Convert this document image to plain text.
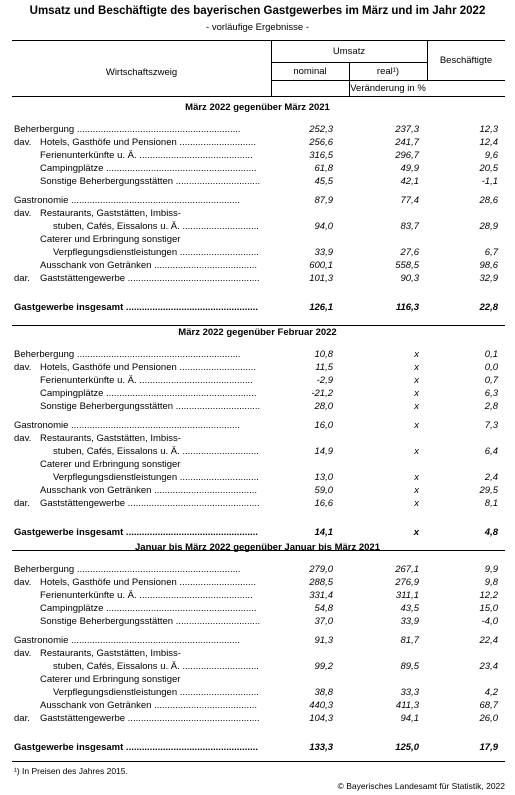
Umsatz und Beschäftigte des bayerischen Gastgewerbes im März und im Jahr 2022
- vorläufige Ergebnisse -
Wirtschaftszweig
Umsatz
nominal	real¹)
Beschäftigte
Veränderung in %
März 2022 gegenüber März 2021
Beherbergung ..............................................................	252,3	237,3	12,3
dav. Hotels, Gasthöfe und Pensionen .............................	256,6	241,7	12,4
Ferienunterkünfte u. Ä. ...........................................	316,5	296,7	9,6
Campingplätze .........................................................	61,8	49,9	20,5
Sonstige Beherbergungsstätten ................................	45,5	42,1	-1,1
Gastronomie ................................................................	87,9	77,4	28,6
dav. Restaurants, Gaststätten, Imbiss-
stuben, Cafés, Eissalons u. Ä. .............................	94,0	83,7	28,9
Caterer und Erbringung sonstiger
Verpflegungsdienstleistungen ..............................	33,9	27,6	6,7
Ausschank von Getränken .......................................	600,1	558,5	98,6
dar. Gaststättengewerbe ..................................................	101,3	90,3	32,9
Gastgewerbe insgesamt ..................................................	126,1	116,3	22,8
März 2022 gegenüber Februar 2022
Beherbergung ..............................................................	10,8	x	0,1
dav. Hotels, Gasthöfe und Pensionen .............................	11,5	x	0,0
Ferienunterkünfte u. Ä. ...........................................	-2,9	x	0,7
Campingplätze .........................................................	-21,2	x	6,3
Sonstige Beherbergungsstätten ................................	28,0	x	2,8
Gastronomie ................................................................	16,0	x	7,3
dav. Restaurants, Gaststätten, Imbiss-
stuben, Cafés, Eissalons u. Ä. .............................	14,9	x	6,4
Caterer und Erbringung sonstiger
Verpflegungsdienstleistungen ..............................	13,0	x	2,4
Ausschank von Getränken .......................................	59,0	x	29,5
dar. Gaststättengewerbe ..................................................	16,6	x	8,1
Gastgewerbe insgesamt ..................................................	14,1	x	4,8
Januar bis März 2022 gegenüber Januar bis März 2021
Beherbergung ..............................................................	279,0	267,1	9,9
dav. Hotels, Gasthöfe und Pensionen .............................	288,5	276,9	9,8
Ferienunterkünfte u. Ä. ...........................................	331,4	311,1	12,2
Campingplätze .........................................................	54,8	43,5	15,0
Sonstige Beherbergungsstätten ................................	37,0	33,9	-4,0
Gastronomie ................................................................	91,3	81,7	22,4
dav. Restaurants, Gaststätten, Imbiss-
stuben, Cafés, Eissalons u. Ä. .............................	99,2	89,5	23,4
Caterer und Erbringung sonstiger
Verpflegungsdienstleistungen ..............................	38,8	33,3	4,2
Ausschank von Getränken .......................................	440,3	411,3	68,7
dar. Gaststättengewerbe ..................................................	104,3	94,1	26,0
Gastgewerbe insgesamt ..................................................	133,3	125,0	17,9
¹) In Preisen des Jahres 2015.
© Bayerisches Landesamt für Statistik, 2022
